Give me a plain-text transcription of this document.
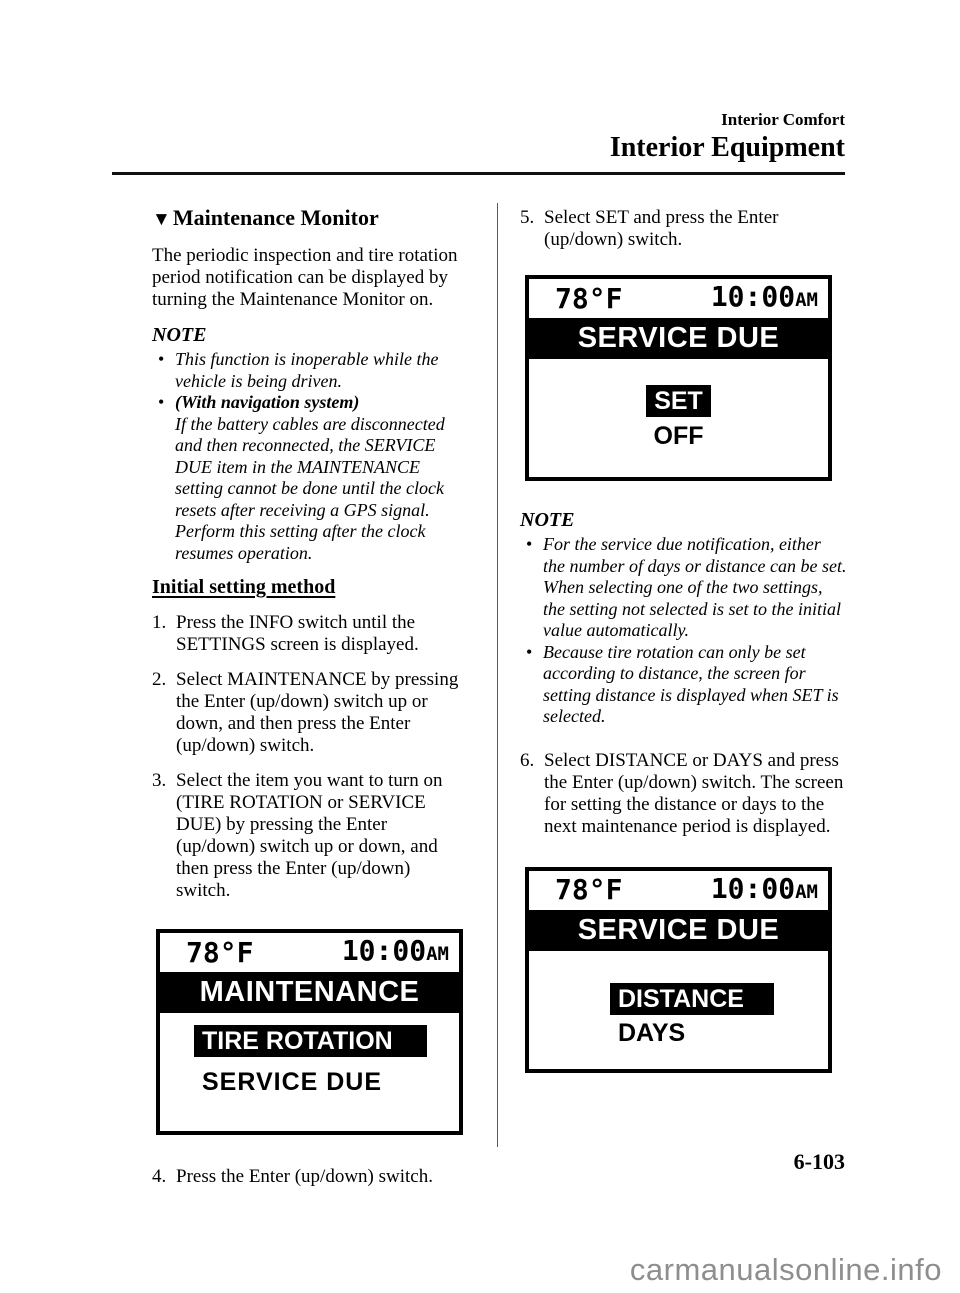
Interior Comfort
Interior Equipment
▼Maintenance Monitor

The periodic inspection and tire rotation period notification can be displayed by turning the Maintenance Monitor on.

NOTE
• This function is inoperable while the vehicle is being driven.
• (With navigation system)
If the battery cables are disconnected and then reconnected, the SERVICE DUE item in the MAINTENANCE setting cannot be done until the clock resets after receiving a GPS signal. Perform this setting after the clock resumes operation.
Initial setting method
1. Press the INFO switch until the SETTINGS screen is displayed.
2. Select MAINTENANCE by pressing the Enter (up/down) switch up or down, and then press the Enter (up/down) switch.
3. Select the item you want to turn on (TIRE ROTATION or SERVICE DUE) by pressing the Enter (up/down) switch up or down, and then press the Enter (up/down) switch.
78°F	10:00AM
MAINTENANCE
TIRE ROTATION
SERVICE DUE
4. Press the Enter (up/down) switch.
5. Select SET and press the Enter (up/down) switch.
78°F	10:00AM
SERVICE DUE
SET
OFF
NOTE
• For the service due notification, either the number of days or distance can be set. When selecting one of the two settings, the setting not selected is set to the initial value automatically.
• Because tire rotation can only be set according to distance, the screen for setting distance is displayed when SET is selected.
6. Select DISTANCE or DAYS and press the Enter (up/down) switch. The screen for setting the distance or days to the next maintenance period is displayed.
78°F	10:00AM
SERVICE DUE
DISTANCE
DAYS
6-103
carmanualsonline.info
